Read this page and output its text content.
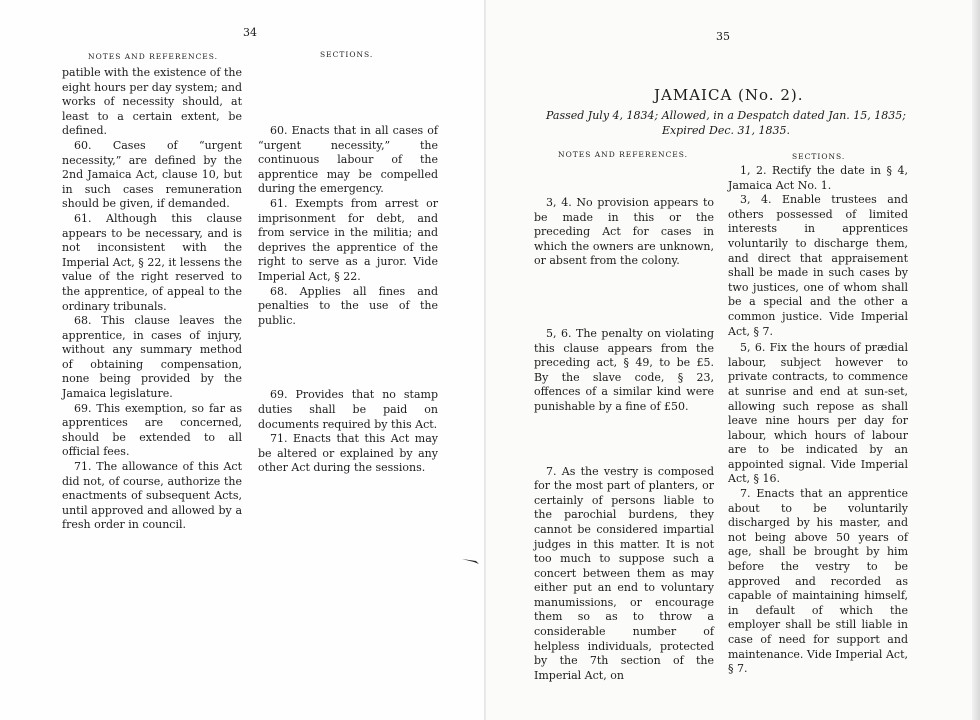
34
NOTES AND REFERENCES.	SECTIONS.

patible with the existence of the eight hours per day system; and works of necessity should, at least to a certain extent, be defined.

60. Cases of “urgent necessity,” are defined by the 2nd Jamaica Act, clause 10, but in such cases remuneration should be given, if demanded.

61. Although this clause appears to be necessary, and is not inconsistent with the Imperial Act, § 22, it lessens the value of the right reserved to the apprentice, of appeal to the ordinary tribunals.

68. This clause leaves the apprentice, in cases of injury, without any summary method of obtaining compensation, none being provided by the Jamaica legislature.

69. This exemption, so far as apprentices are concerned, should be extended to all official fees.

71. The allowance of this Act did not, of course, authorize the enactments of subsequent Acts, until approved and allowed by a fresh order in council.

60. Enacts that in all cases of “urgent necessity,” the continuous labour of the apprentice may be compelled during the emergency.

61. Exempts from arrest or imprisonment for debt, and from service in the militia; and deprives the apprentice of the right to serve as a juror. Vide Imperial Act, § 22.

68. Applies all fines and penalties to the use of the public.

69. Provides that no stamp duties shall be paid on documents required by this Act.

71. Enacts that this Act may be altered or explained by any other Act during the sessions.

35
JAMAICA (No. 2).
Passed July 4, 1834; Allowed, in a Despatch dated Jan. 15, 1835;
Expired Dec. 31, 1835.
NOTES AND REFERENCES.	SECTIONS.

3, 4. No provision appears to be made in this or the preceding Act for cases in which the owners are unknown, or absent from the colony.

5, 6. The penalty on violating this clause appears from the preceding act, § 49, to be £5. By the slave code, § 23, offences of a similar kind were punishable by a fine of £50.

7. As the vestry is composed for the most part of planters, or certainly of persons liable to the parochial burdens, they cannot be considered impartial judges in this matter. It is not too much to suppose such a concert between them as may either put an end to voluntary manumissions, or encourage them so as to throw a considerable number of helpless individuals, protected by the 7th section of the Imperial Act, on

1, 2. Rectify the date in § 4, Jamaica Act No. 1.

3, 4. Enable trustees and others possessed of limited interests in apprentices voluntarily to discharge them, and direct that appraisement shall be made in such cases by two justices, one of whom shall be a special and the other a common justice. Vide Imperial Act, § 7.

5, 6. Fix the hours of prædial labour, subject however to private contracts, to commence at sunrise and end at sun-set, allowing such repose as shall leave nine hours per day for labour, which hours of labour are to be indicated by an appointed signal. Vide Imperial Act, § 16.

7. Enacts that an apprentice about to be voluntarily discharged by his master, and not being above 50 years of age, shall be brought by him before the vestry to be approved and recorded as capable of maintaining himself, in default of which the employer shall be still liable in case of need for support and maintenance. Vide Imperial Act, § 7.
